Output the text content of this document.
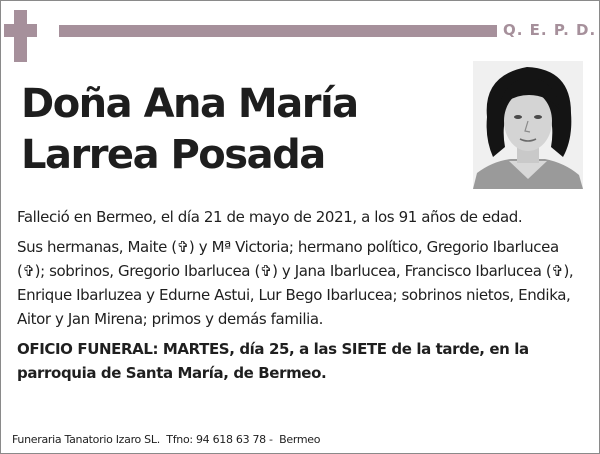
Q. E. P. D.
Doña Ana María
Larrea Posada

Falleció en Bermeo, el día 21 de mayo de 2021, a los 91 años de edad.

Sus hermanas, Maite (✞) y Mª Victoria; hermano político, Gregorio Ibarlucea (✞); sobrinos, Gregorio Ibarlucea (✞) y Jana Ibarlucea, Francisco Ibarlucea (✞), Enrique Ibarluzea y Edurne Astui, Lur Bego Ibarlucea; sobrinos nietos, Endika, Aitor y Jan Mirena; primos y demás familia.

OFICIO FUNERAL: MARTES, día 25, a las SIETE de la tarde, en la parroquia de Santa María, de Bermeo.

Funeraria Tanatorio Izaro SL.  Tfno: 94 618 63 78 -  Bermeo
